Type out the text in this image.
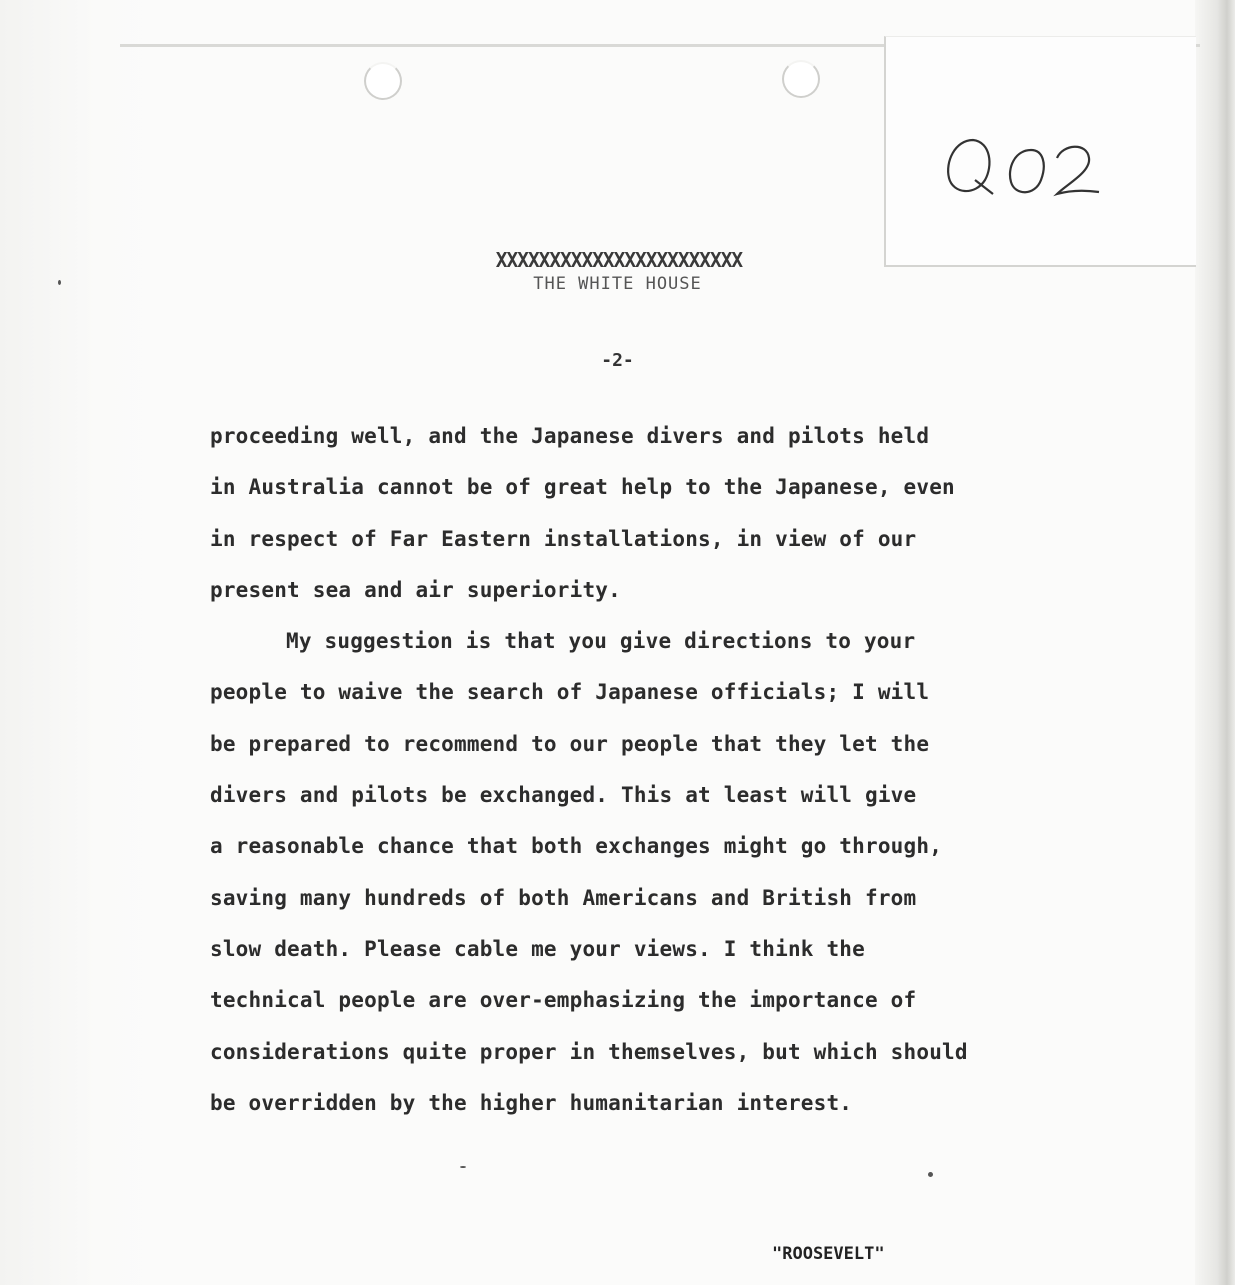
XXXXXXXXXXXXXXXXXXXXXXX
THE WHITE HOUSE
-2-
proceeding well, and the Japanese divers and pilots held
in Australia cannot be of great help to the Japanese, even
in respect of Far Eastern installations, in view of our
present sea and air superiority.
My suggestion is that you give directions to your
people to waive the search of Japanese officials; I will
be prepared to recommend to our people that they let the
divers and pilots be exchanged. This at least will give
a reasonable chance that both exchanges might go through,
saving many hundreds of both Americans and British from
slow death. Please cable me your views. I think the
technical people are over-emphasizing the importance of
considerations quite proper in themselves, but which should
be overridden by the higher humanitarian interest.
"ROOSEVELT"
